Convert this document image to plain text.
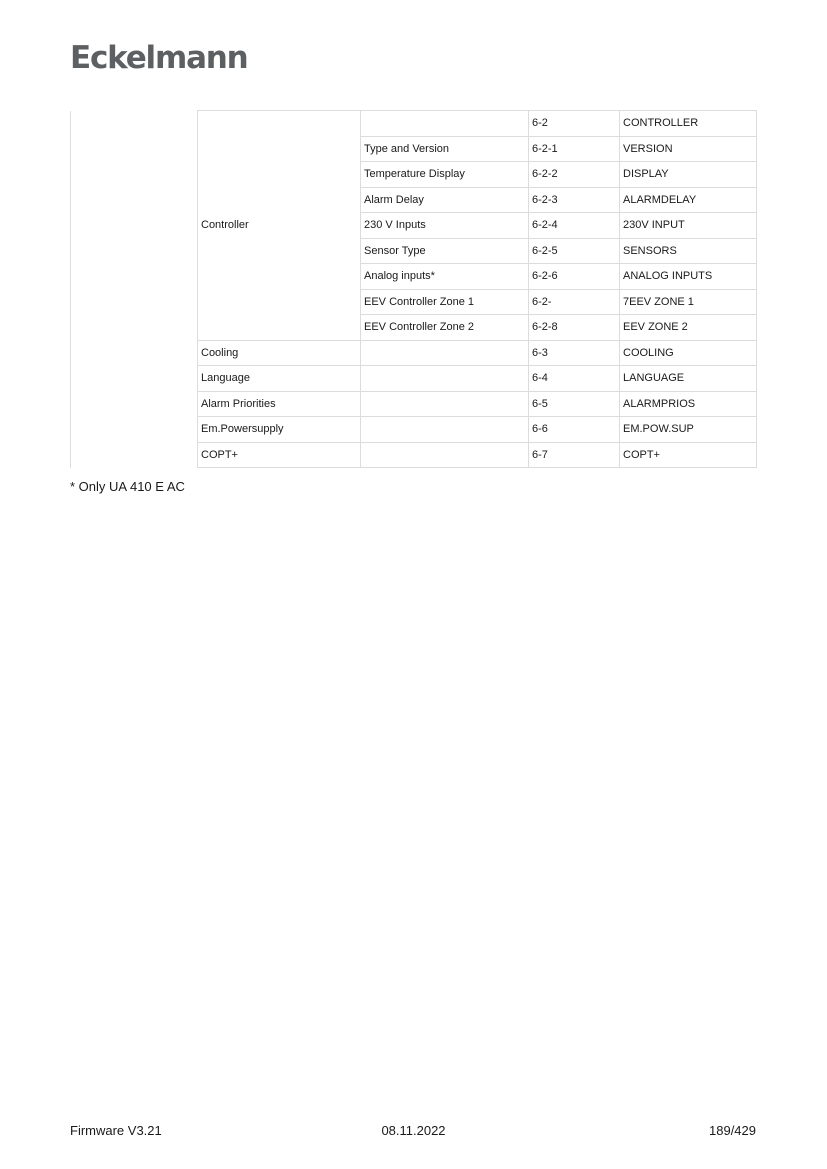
Eckelmann
	Controller		6-2	CONTROLLER
		Type and Version	6-2-1	VERSION
		Temperature Display	6-2-2	DISPLAY
		Alarm Delay	6-2-3	ALARMDELAY
		230 V Inputs	6-2-4	230V INPUT
		Sensor Type	6-2-5	SENSORS
		Analog inputs*	6-2-6	ANALOG INPUTS
		EEV Controller Zone 1	6-2-	7EEV ZONE 1
		EEV Controller Zone 2	6-2-8	EEV ZONE 2
	Cooling		6-3	COOLING
	Language		6-4	LANGUAGE
	Alarm Priorities		6-5	ALARMPRIOS
	Em.Powersupply		6-6	EM.POW.SUP
	COPT+		6-7	COPT+
* Only UA 410 E AC
Firmware V3.21	08.11.2022	189/429
